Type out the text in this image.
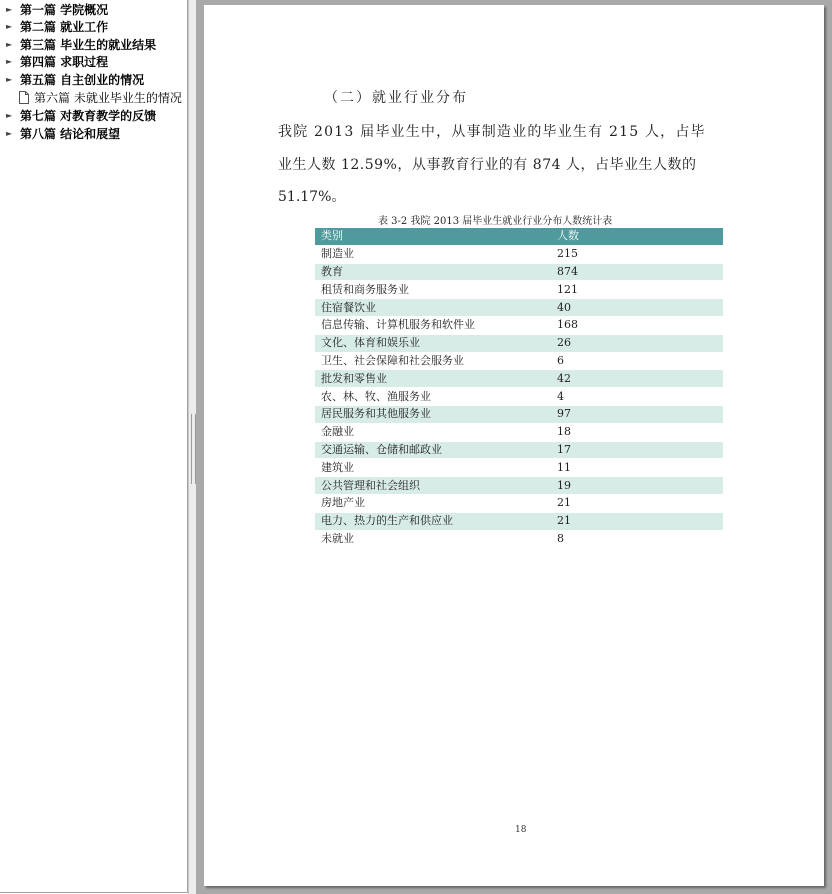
► 第一篇 学院概况
► 第二篇 就业工作
► 第三篇 毕业生的就业结果
► 第四篇 求职过程
► 第五篇 自主创业的情况
第六篇 未就业毕业生的情况
► 第七篇 对教育教学的反馈
► 第八篇 结论和展望
（二）就业行业分布
我院 2013 届毕业生中，从事制造业的毕业生有 215 人，占毕
业生人数 12.59%，从事教育行业的有 874 人，占毕业生人数的
51.17%。
表 3-2 我院 2013 届毕业生就业行业分布人数统计表
类别	人数
制造业	215
教育	874
租赁和商务服务业	121
住宿餐饮业	40
信息传输、计算机服务和软件业	168
文化、体育和娱乐业	26
卫生、社会保障和社会服务业	6
批发和零售业	42
农、林、牧、渔服务业	4
居民服务和其他服务业	97
金融业	18
交通运输、仓储和邮政业	17
建筑业	11
公共管理和社会组织	19
房地产业	21
电力、热力的生产和供应业	21
未就业	8
18
